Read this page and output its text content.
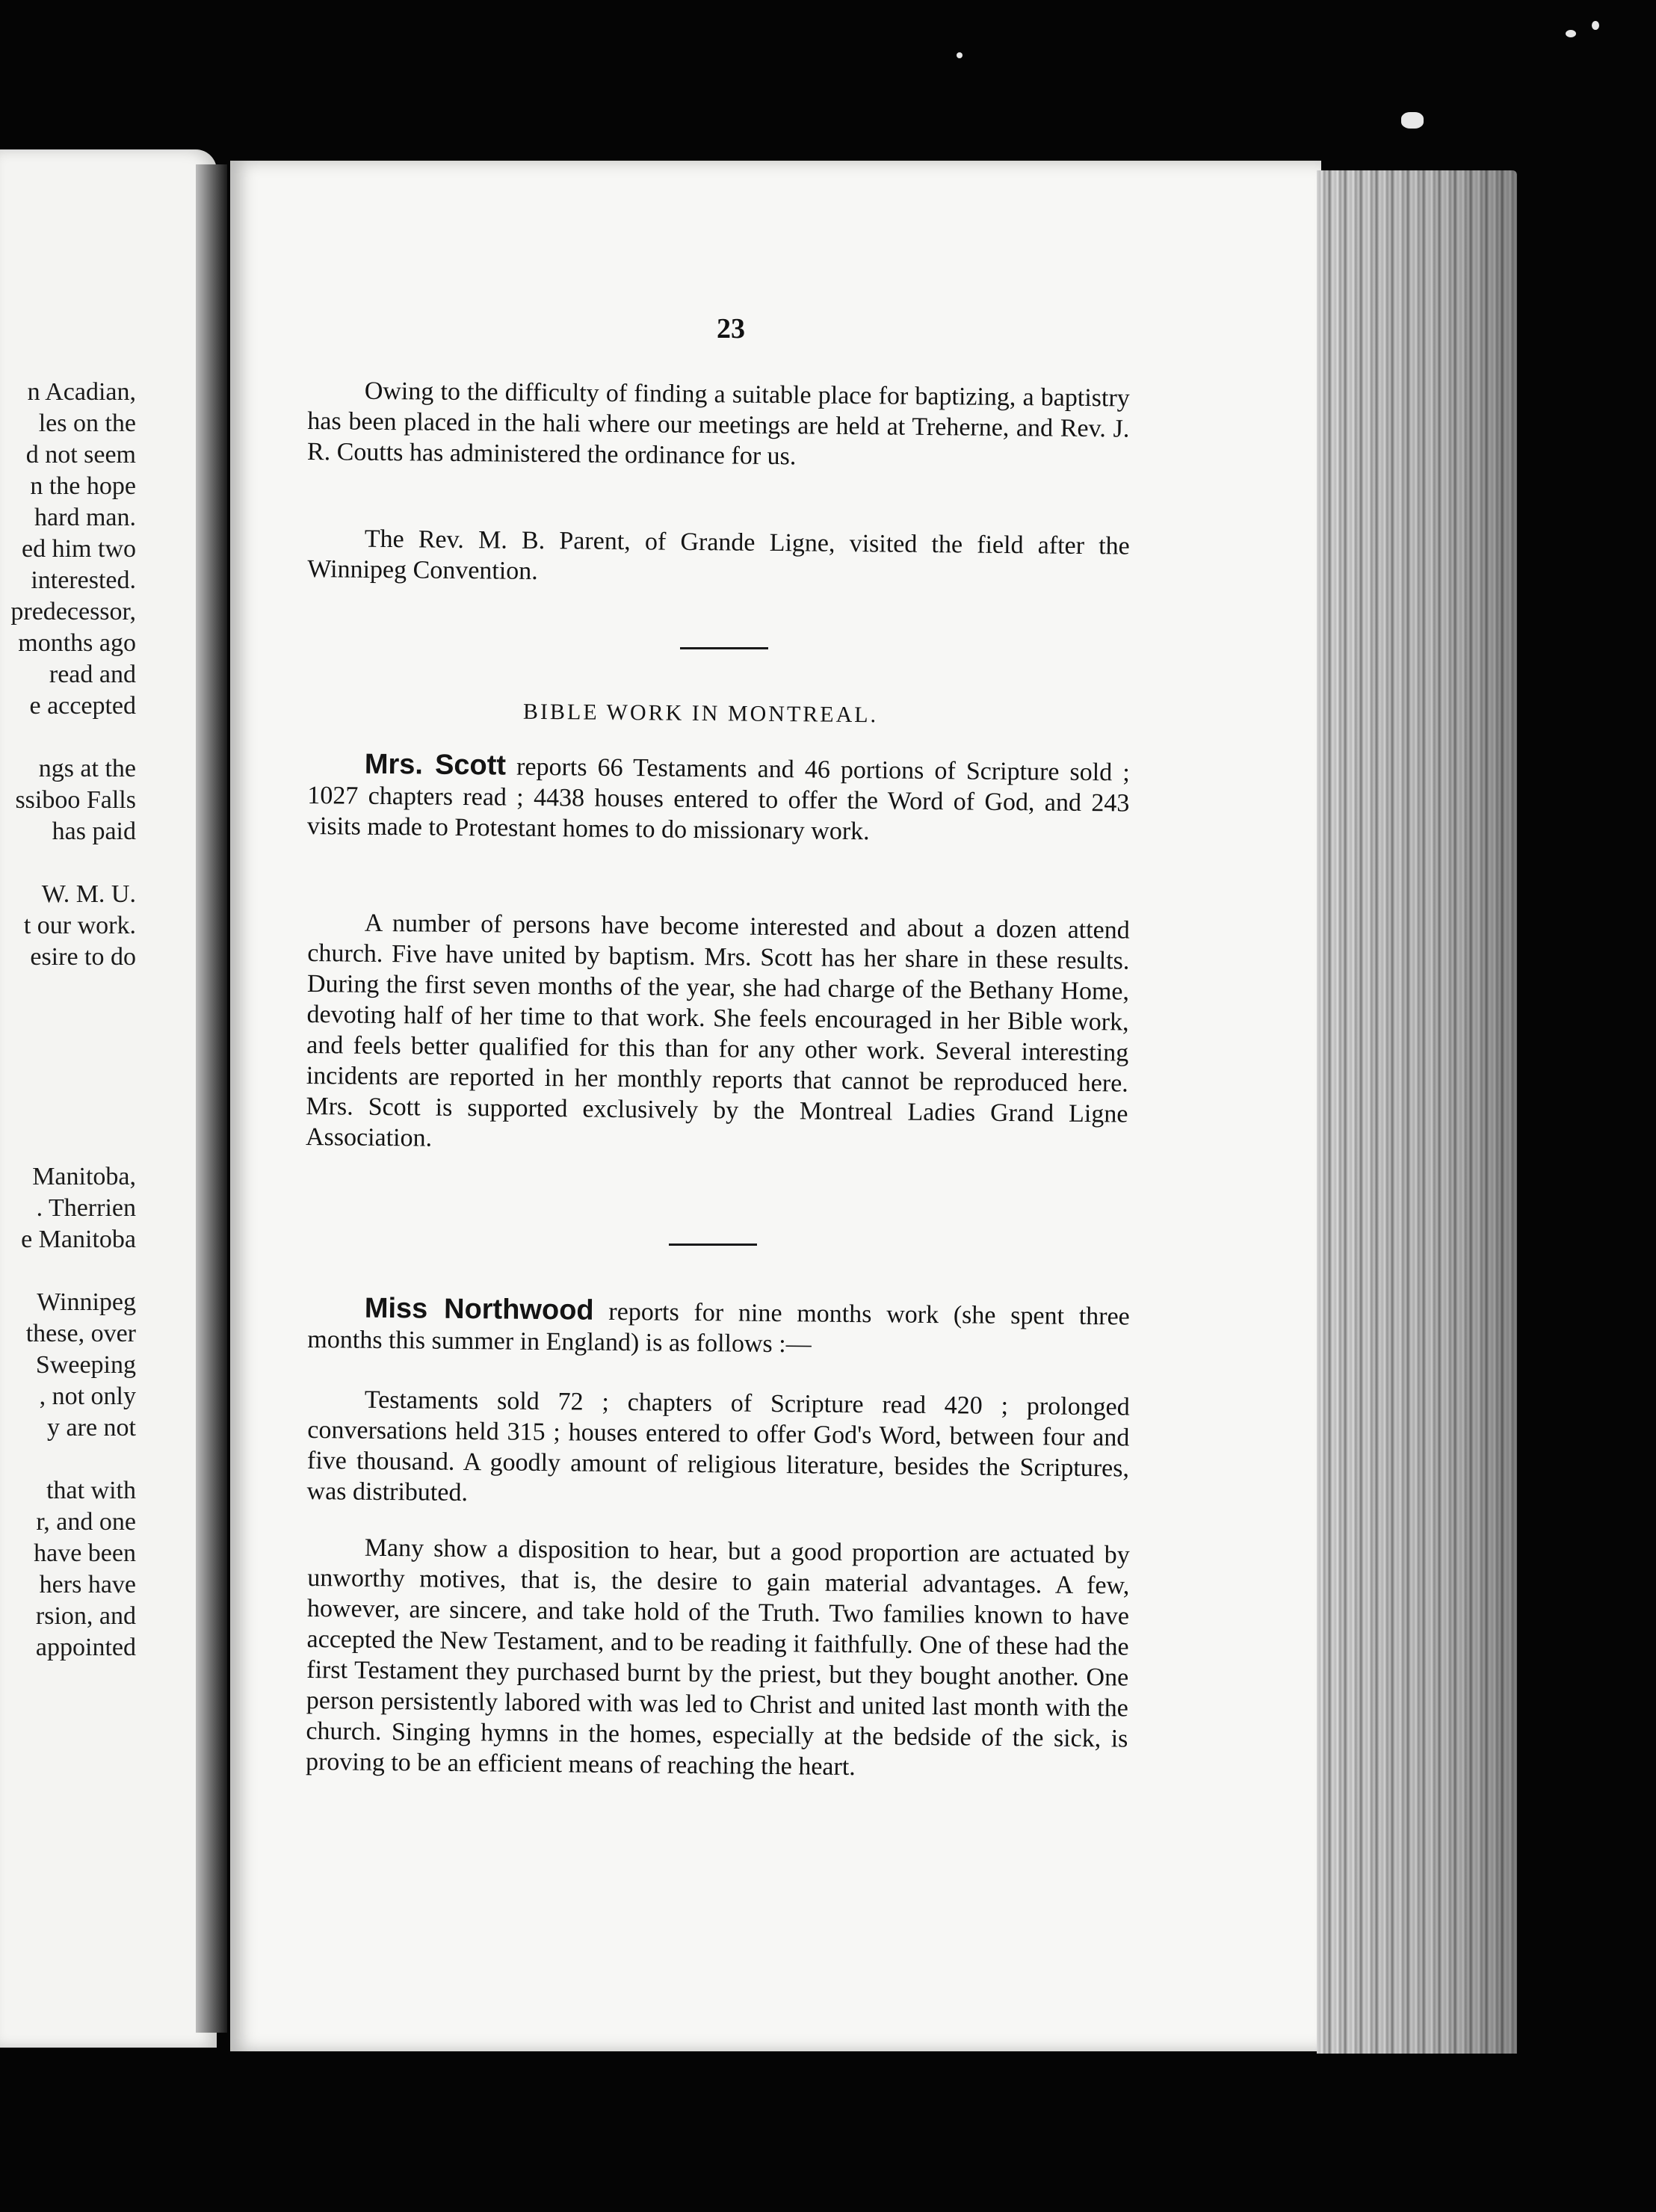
n Acadian,
les on the
d not seem
n the hope
hard man.
ed him two
interested.
predecessor,
months ago
read and
e accepted
ngs at the
ssiboo Falls
has paid
W. M. U.
t our work.
esire to do
Manitoba,
. Therrien
e Manitoba
Winnipeg
these, over
Sweeping
, not only
y are not
that with
r, and one
have been
hers have
rsion, and
appointed
23

Owing to the difficulty of finding a suitable place for baptizing, a baptistry has been placed in the hali where our meetings are held at Treherne, and Rev. J. R. Coutts has administered the ordinance for us.

The Rev. M. B. Parent, of Grande Ligne, visited the field after the Winnipeg Convention.

BIBLE WORK IN MONTREAL.

Mrs. Scott reports 66 Testaments and 46 portions of Scripture sold ; 1027 chapters read ; 4438 houses entered to offer the Word of God, and 243 visits made to Protestant homes to do missionary work.

A number of persons have become interested and about a dozen attend church. Five have united by baptism. Mrs. Scott has her share in these results. During the first seven months of the year, she had charge of the Bethany Home, devoting half of her time to that work. She feels encouraged in her Bible work, and feels better qualified for this than for any other work. Several interesting incidents are reported in her monthly reports that cannot be reproduced here. Mrs. Scott is supported exclusively by the Montreal Ladies Grand Ligne Association.

Miss Northwood reports for nine months work (she spent three months this summer in England) is as follows :—

Testaments sold 72 ; chapters of Scripture read 420 ; prolonged conversations held 315 ; houses entered to offer God's Word, between four and five thousand. A goodly amount of religious literature, besides the Scriptures, was distributed.

Many show a disposition to hear, but a good proportion are actuated by unworthy motives, that is, the desire to gain material advantages. A few, however, are sincere, and take hold of the Truth. Two families known to have accepted the New Testament, and to be reading it faithfully. One of these had the first Testament they purchased burnt by the priest, but they bought another. One person persistently labored with was led to Christ and united last month with the church. Singing hymns in the homes, especially at the bedside of the sick, is proving to be an efficient means of reaching the heart.
